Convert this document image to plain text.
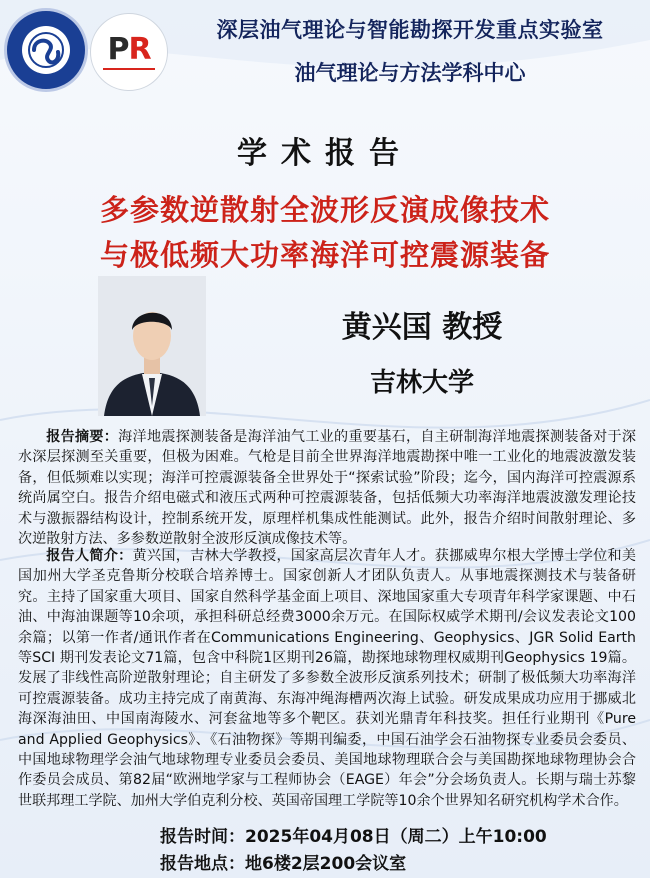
PR
深层油气理论与智能勘探开发重点实验室
油气理论与方法学科中心
学术报告
多参数逆散射全波形反演成像技术
与极低频大功率海洋可控震源装备
黄兴国 教授
吉林大学
报告摘要：海洋地震探测装备是海洋油气工业的重要基石，自主研制海洋地震探测装备对于深水深层探测至关重要，但极为困难。气枪是目前全世界海洋地震勘探中唯一工业化的地震波激发装备，但低频难以实现；海洋可控震源装备全世界处于“探索试验”阶段；迄今，国内海洋可控震源系统尚属空白。报告介绍电磁式和液压式两种可控震源装备，包括低频大功率海洋地震波激发理论技术与激振器结构设计，控制系统开发，原理样机集成性能测试。此外，报告介绍时间散射理论、多次逆散射方法、多参数逆散射全波形反演成像技术等。
报告人简介：黄兴国，吉林大学教授，国家高层次青年人才。获挪威卑尔根大学博士学位和美国加州大学圣克鲁斯分校联合培养博士。国家创新人才团队负责人。从事地震探测技术与装备研究。主持了国家重大项目、国家自然科学基金面上项目、深地国家重大专项青年科学家课题、中石油、中海油课题等10余项，承担科研总经费3000余万元。在国际权威学术期刊/会议发表论文100余篇；以第一作者/通讯作者在Communications Engineering、Geophysics、JGR Solid Earth等SCI 期刊发表论文71篇，包含中科院1区期刊26篇，勘探地球物理权威期刊Geophysics 19篇。发展了非线性高阶逆散射理论；自主研发了多参数全波形反演系列技术；研制了极低频大功率海洋可控震源装备。成功主持完成了南黄海、东海冲绳海槽两次海上试验。研发成果成功应用于挪威北海深海油田、中国南海陵水、河套盆地等多个靶区。获刘光鼎青年科技奖。担任行业期刊《Pure and Applied Geophysics》、《石油物探》等期刊编委，中国石油学会石油物探专业委员会委员、中国地球物理学会油气地球物理专业委员会委员、美国地球物理联合会与美国勘探地球物理协会合作委员会成员、第82届“欧洲地学家与工程师协会（EAGE）年会”分会场负责人。长期与瑞士苏黎世联邦理工学院、加州大学伯克利分校、英国帝国理工学院等10余个世界知名研究机构学术合作。
报告时间：2025年04月08日（周二）上午10:00
报告地点：地6楼2层200会议室
